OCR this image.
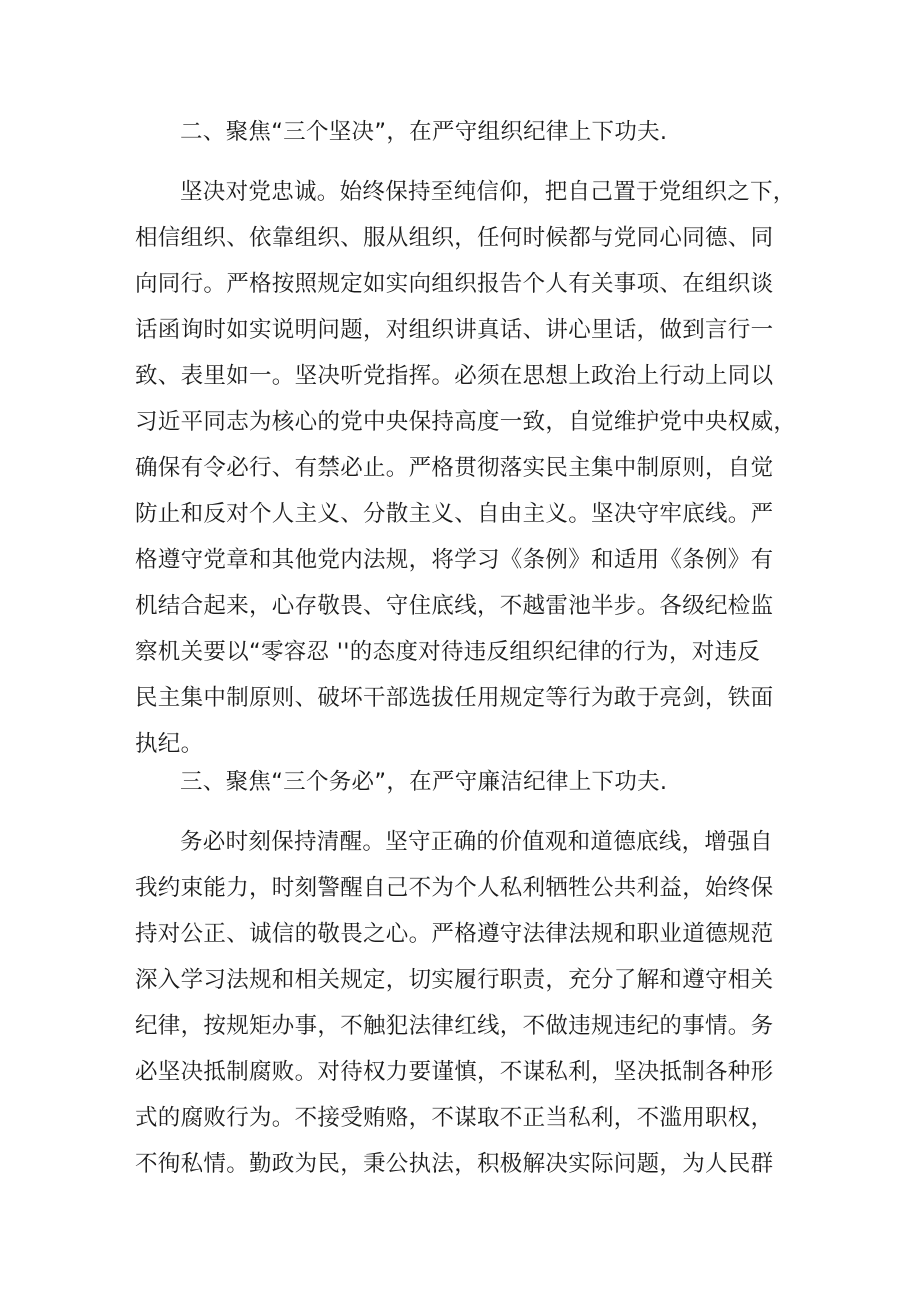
二、聚焦“三个坚决”，在严守组织纪律上下功夫.
坚决对党忠诚。始终保持至纯信仰，把自己置于党组织之下，
相信组织、依靠组织、服从组织，任何时候都与党同心同德、同
向同行。严格按照规定如实向组织报告个人有关事项、在组织谈
话函询时如实说明问题，对组织讲真话、讲心里话，做到言行一
致、表里如一。坚决听党指挥。必须在思想上政治上行动上同以
习近平同志为核心的党中央保持高度一致，自觉维护党中央权威，
确保有令必行、有禁必止。严格贯彻落实民主集中制原则，自觉
防止和反对个人主义、分散主义、自由主义。坚决守牢底线。严
格遵守党章和其他党内法规，将学习《条例》和适用《条例》有
机结合起来，心存敬畏、守住底线，不越雷池半步。各级纪检监
察机关要以“零容忍 ''的态度对待违反组织纪律的行为，对违反
民主集中制原则、破坏干部选拔任用规定等行为敢于亮剑，铁面
执纪。
三、聚焦“三个务必”，在严守廉洁纪律上下功夫.
务必时刻保持清醒。坚守正确的价值观和道德底线，增强自
我约束能力，时刻警醒自己不为个人私利牺牲公共利益，始终保
持对公正、诚信的敬畏之心。严格遵守法律法规和职业道德规范
深入学习法规和相关规定，切实履行职责，充分了解和遵守相关
纪律，按规矩办事，不触犯法律红线，不做违规违纪的事情。务
必坚决抵制腐败。对待权力要谨慎，不谋私利，坚决抵制各种形
式的腐败行为。不接受贿赂，不谋取不正当私利，不滥用职权，
不徇私情。勤政为民，秉公执法，积极解决实际问题，为人民群
